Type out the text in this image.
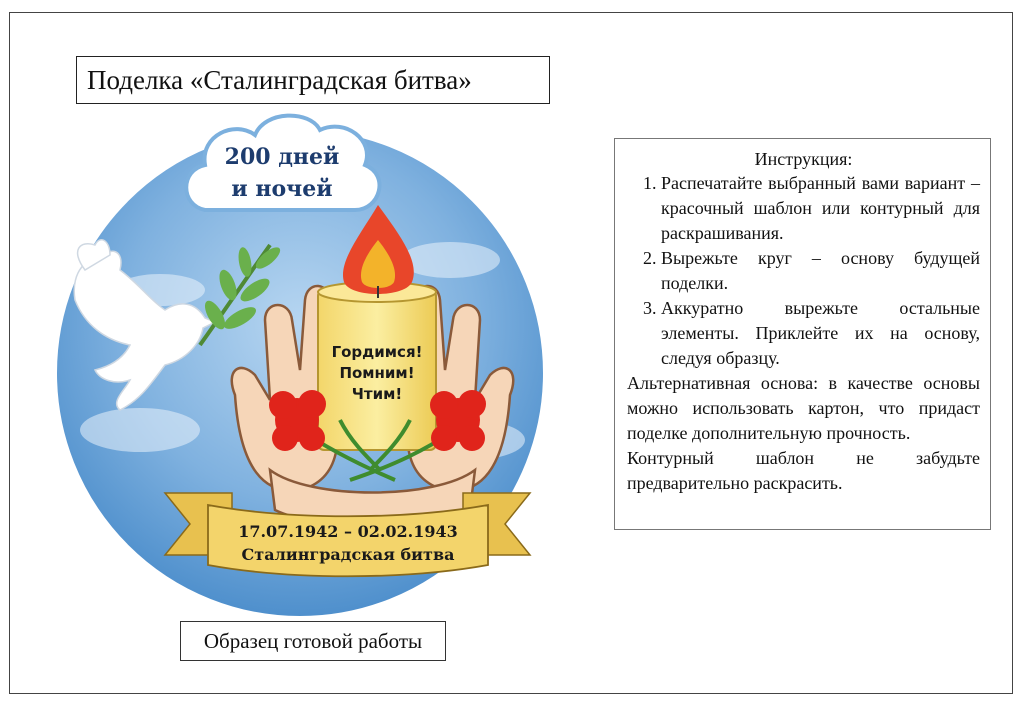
Поделка «Сталинградская битва»
200 дней
и ночей
Гордимся!
Помним!
Чтим!
17.07.1942 – 02.02.1943
Сталинградская битва
Образец готовой работы
Инструкция:
1. Распечатайте выбранный вами вариант – красочный шаблон или контурный для раскрашивания.
2. Вырежьте круг – основу будущей поделки.
3. Аккуратно вырежьте остальные элементы. Приклейте их на основу, следуя образцу.

Альтернативная основа: в качестве основы можно использовать картон, что придаст поделке дополнительную прочность.

Контурный шаблон не забудьте предварительно раскрасить.
